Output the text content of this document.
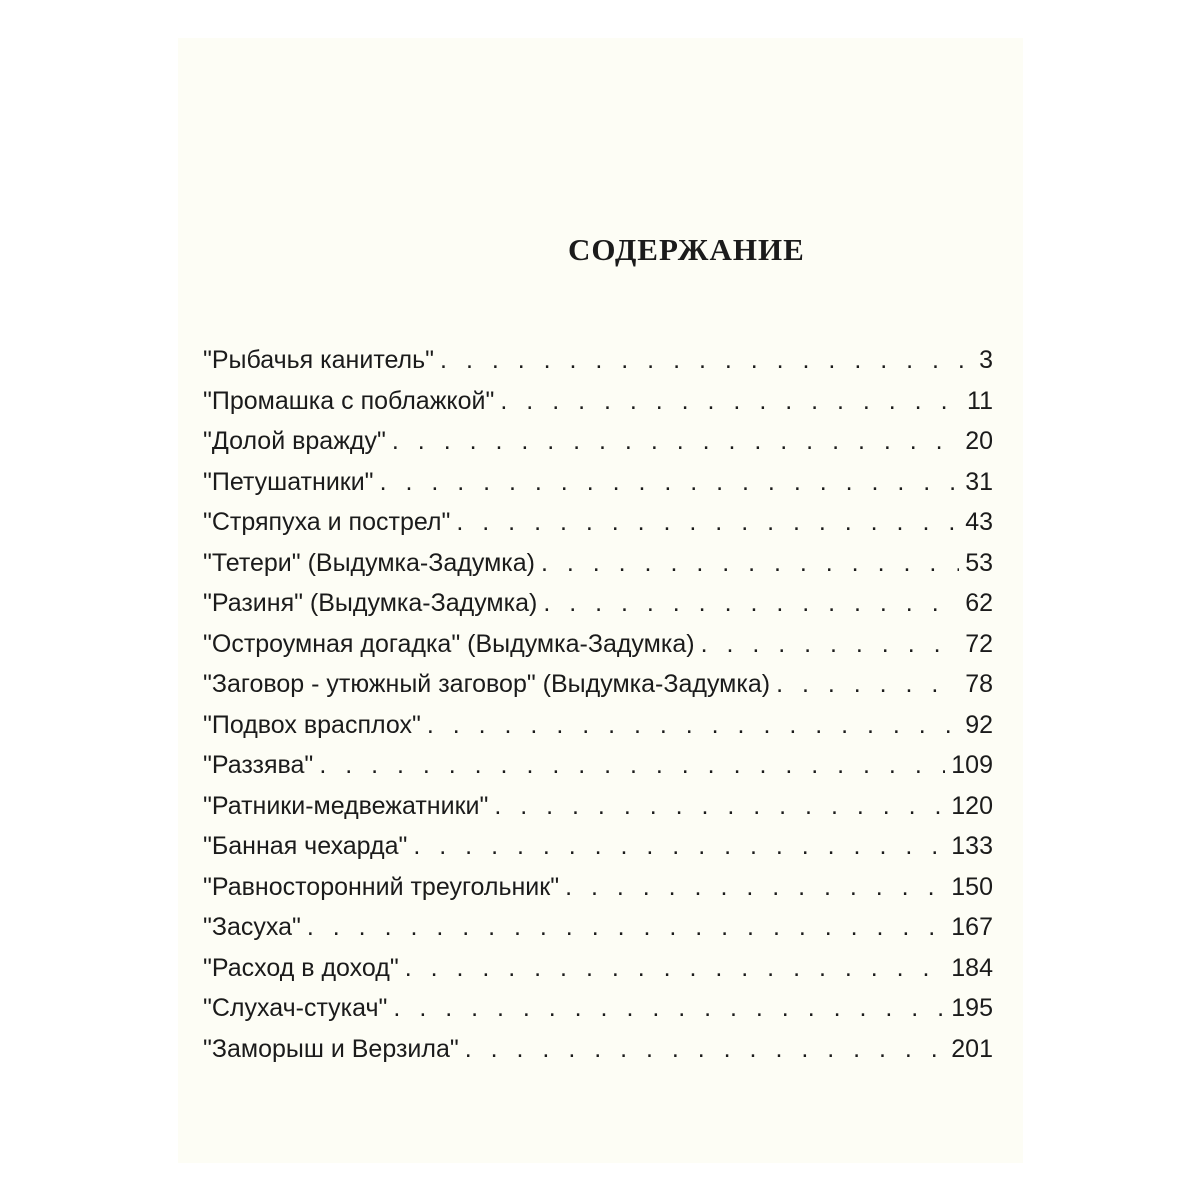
СОДЕРЖАНИЕ
"Рыбачья канитель" . . .	3
"Промашка с поблажкой" . . .	11
"Долой вражду" . . .	20
"Петушатники" . . .	31
"Стряпуха и пострел" . . .	43
"Тетери" (Выдумка-Задумка) . . .	53
"Разиня" (Выдумка-Задумка) . . .	62
"Остроумная догадка" (Выдумка-Задумка) . . .	72
"Заговор - утюжный заговор" (Выдумка-Задумка) . . .	78
"Подвох врасплох" . . .	92
"Раззява" . . .	109
"Ратники-медвежатники" . . .	120
"Банная чехарда" . . .	133
"Равносторонний треугольник" . . .	150
"Засуха" . . .	167
"Расход в доход" . . .	184
"Слухач-стукач" . . .	195
"Заморыш и Верзила" . . .	201
